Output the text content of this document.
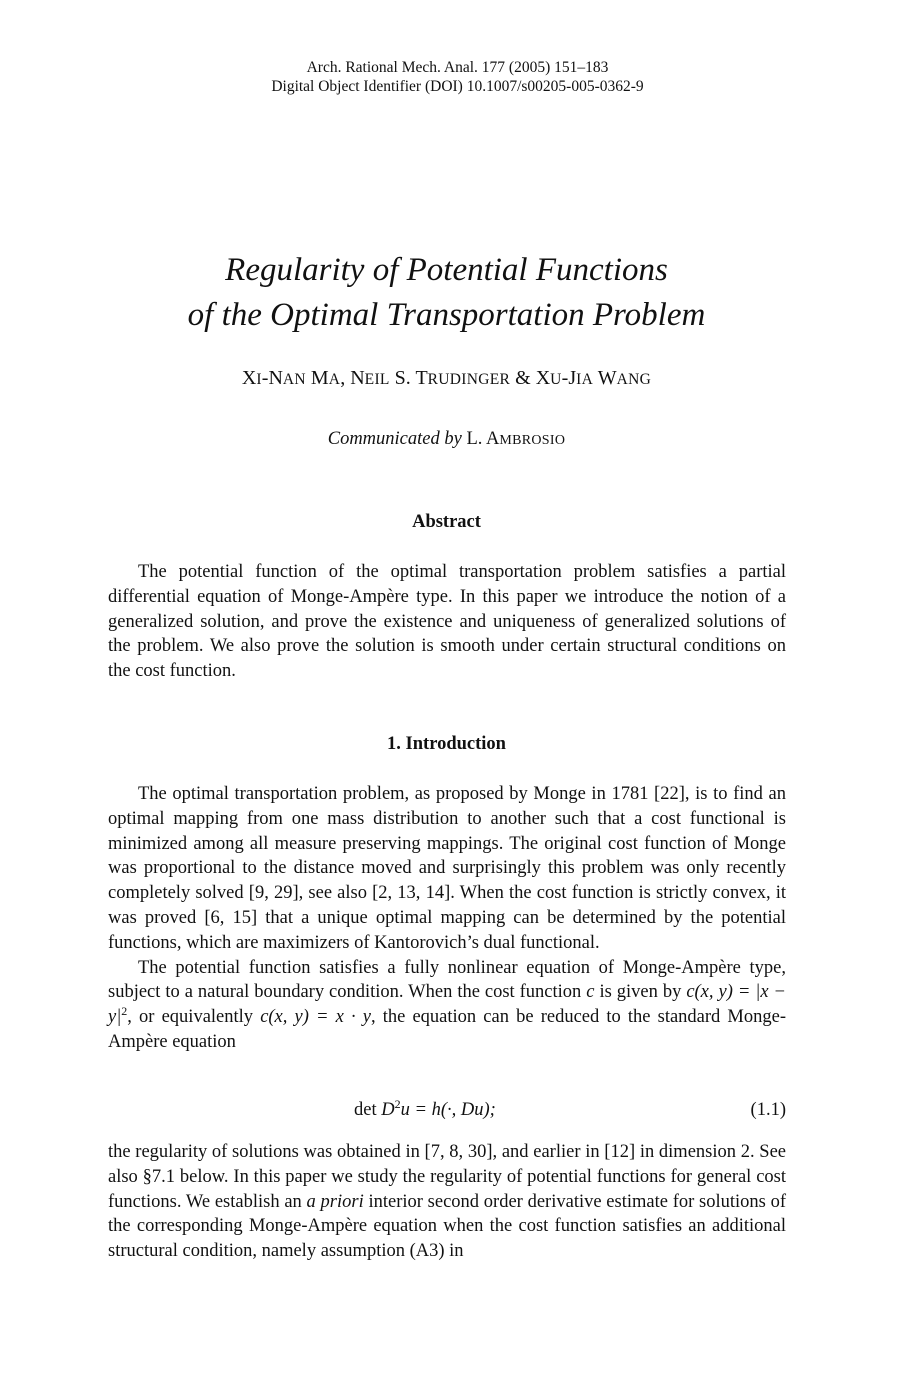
Arch. Rational Mech. Anal. 177 (2005) 151–183
Digital Object Identifier (DOI) 10.1007/s00205-005-0362-9
Regularity of Potential Functions
of the Optimal Transportation Problem
XI-NAN MA, NEIL S. TRUDINGER & XU-JIA WANG
Communicated by L. AMBROSIO
Abstract

The potential function of the optimal transportation problem satisfies a partial differential equation of Monge-Ampère type. In this paper we introduce the notion of a generalized solution, and prove the existence and uniqueness of generalized solutions of the problem. We also prove the solution is smooth under certain structural conditions on the cost function.

1. Introduction

The optimal transportation problem, as proposed by Monge in 1781 [22], is to find an optimal mapping from one mass distribution to another such that a cost functional is minimized among all measure preserving mappings. The original cost function of Monge was proportional to the distance moved and surprisingly this problem was only recently completely solved [9, 29], see also [2, 13, 14]. When the cost function is strictly convex, it was proved [6, 15] that a unique optimal mapping can be determined by the potential functions, which are maximizers of Kantorovich’s dual functional.

The potential function satisfies a fully nonlinear equation of Monge-Ampère type, subject to a natural boundary condition. When the cost function c is given by c(x, $y) = |x - y|^2$, or equivalently c(x, y) = x · y, the equation can be reduced to the standard Monge-Ampère equation

$\det D^2u = h(\cdot$, Du);	(1.1)

the regularity of solutions was obtained in [7, 8, 30], and earlier in [12] in dimension 2. See also §7.1 below. In this paper we study the regularity of potential functions for general cost functions. We establish an a priori interior second order derivative estimate for solutions of the corresponding Monge-Ampère equation when the cost function satisfies an additional structural condition, namely assumption (A3) in
